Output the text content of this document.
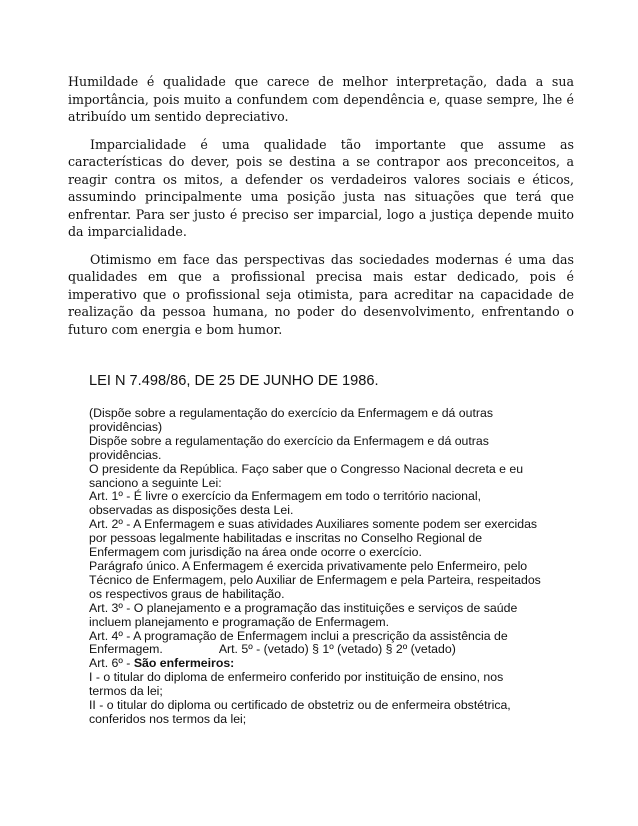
Humildade é qualidade que carece de melhor interpretação, dada a sua importância, pois muito a confundem com dependência e, quase sempre, lhe é atribuído um sentido depreciativo.

Imparcialidade é uma qualidade tão importante que assume as características do dever, pois se destina a se contrapor aos preconceitos, a reagir contra os mitos, a defender os verdadeiros valores sociais e éticos, assumindo principalmente uma posição justa nas situações que terá que enfrentar. Para ser justo é preciso ser imparcial, logo a justiça depende muito da imparcialidade.

Otimismo em face das perspectivas das sociedades modernas é uma das qualidades em que a profissional precisa mais estar dedicado, pois é imperativo que o profissional seja otimista, para acreditar na capacidade de realização da pessoa humana, no poder do desenvolvimento, enfrentando o futuro com energia e bom humor.

LEI N 7.498/86, DE 25 DE JUNHO DE 1986.
(Dispõe sobre a regulamentação do exercício da Enfermagem e dá outras
providências)
Dispõe sobre a regulamentação do exercício da Enfermagem e dá outras
providências.
O presidente da República. Faço saber que o Congresso Nacional decreta e eu
sanciono a seguinte Lei:
Art. 1º - É livre o exercício da Enfermagem em todo o território nacional,
observadas as disposições desta Lei.
Art. 2º - A Enfermagem e suas atividades Auxiliares somente podem ser exercidas
por pessoas legalmente habilitadas e inscritas no Conselho Regional de
Enfermagem com jurisdição na área onde ocorre o exercício.
Parágrafo único. A Enfermagem é exercida privativamente pelo Enfermeiro, pelo
Técnico de Enfermagem, pelo Auxiliar de Enfermagem e pela Parteira, respeitados
os respectivos graus de habilitação.
Art. 3º - O planejamento e a programação das instituições e serviços de saúde
incluem planejamento e programação de Enfermagem.
Art. 4º - A programação de Enfermagem inclui a prescrição da assistência de
Enfermagem.	Art. 5º - (vetado) § 1º (vetado) § 2º (vetado)
Art. 6º - São enfermeiros:
I - o titular do diploma de enfermeiro conferido por instituição de ensino, nos
termos da lei;
II - o titular do diploma ou certificado de obstetriz ou de enfermeira obstétrica,
conferidos nos termos da lei;
